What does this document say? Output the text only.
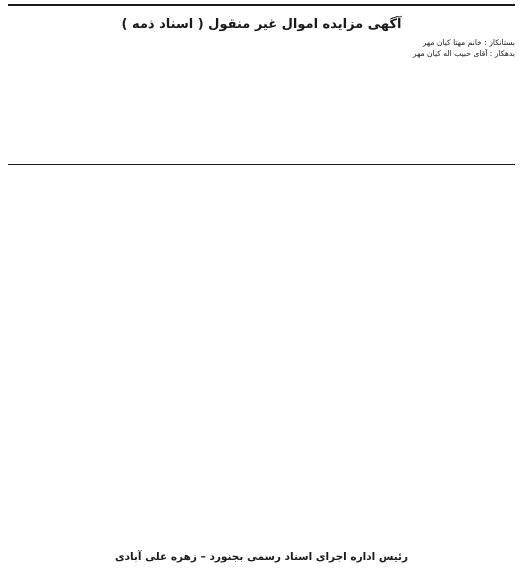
آگهی مزایده اموال غیر منقول ( اسناد ذمه )
بستانکار : خانم مهتا کیان مهر
بدهکار : آقای حبیب اله کیان مهر

رئیس اداره اجرای اسناد رسمی بجنورد – زهره علی آبادی
